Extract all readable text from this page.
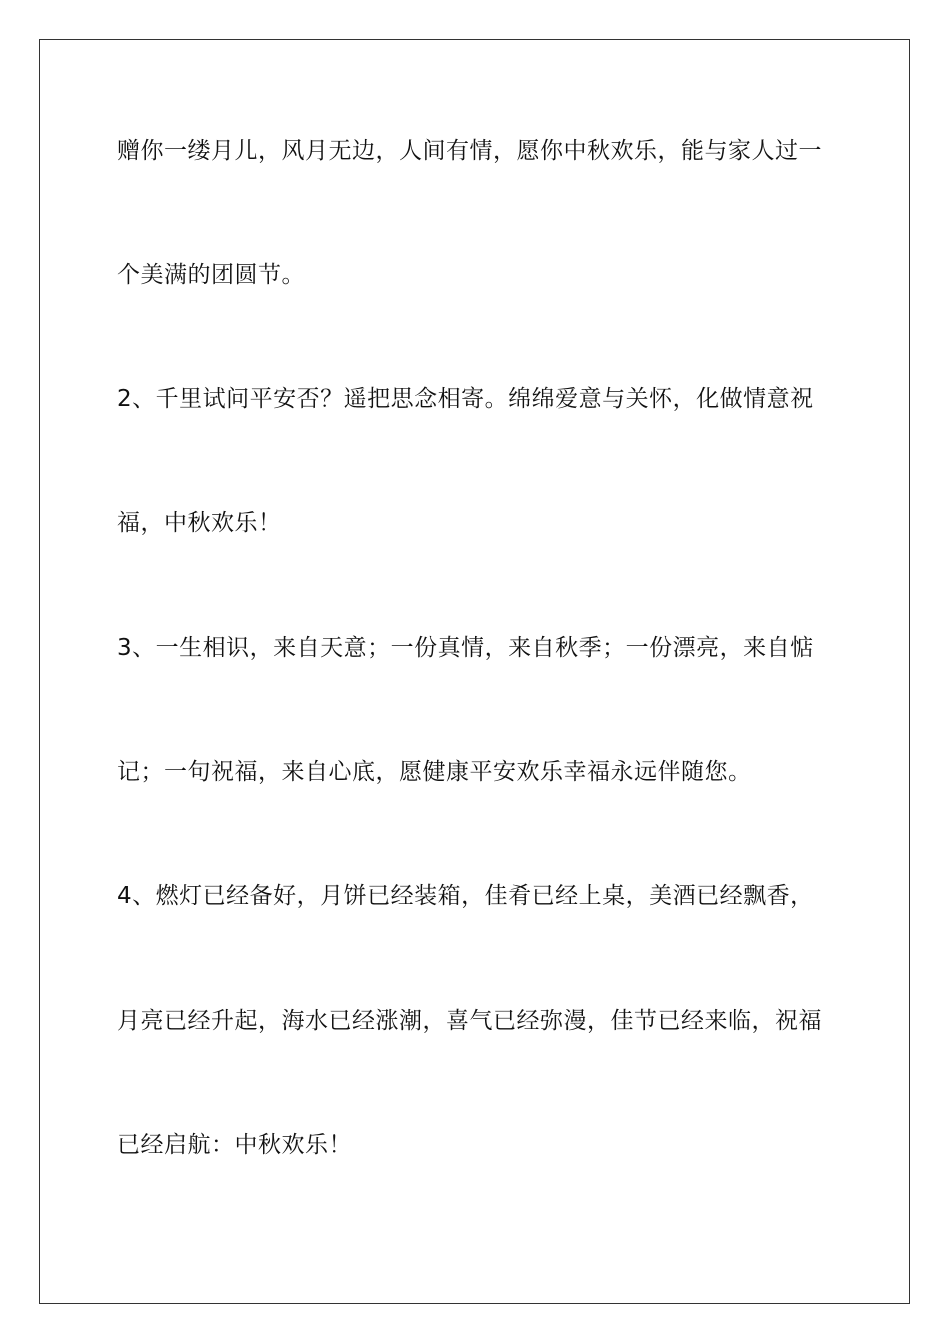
赠你一缕月儿，风月无边，人间有情，愿你中秋欢乐，能与家人过一
个美满的团圆节。
2、千里试问平安否？遥把思念相寄。绵绵爱意与关怀，化做情意祝
福，中秋欢乐！
3、一生相识，来自天意；一份真情，来自秋季；一份漂亮，来自惦
记；一句祝福，来自心底，愿健康平安欢乐幸福永远伴随您。
4、燃灯已经备好，月饼已经装箱，佳肴已经上桌，美酒已经飘香，
月亮已经升起，海水已经涨潮，喜气已经弥漫，佳节已经来临，祝福
已经启航：中秋欢乐！
